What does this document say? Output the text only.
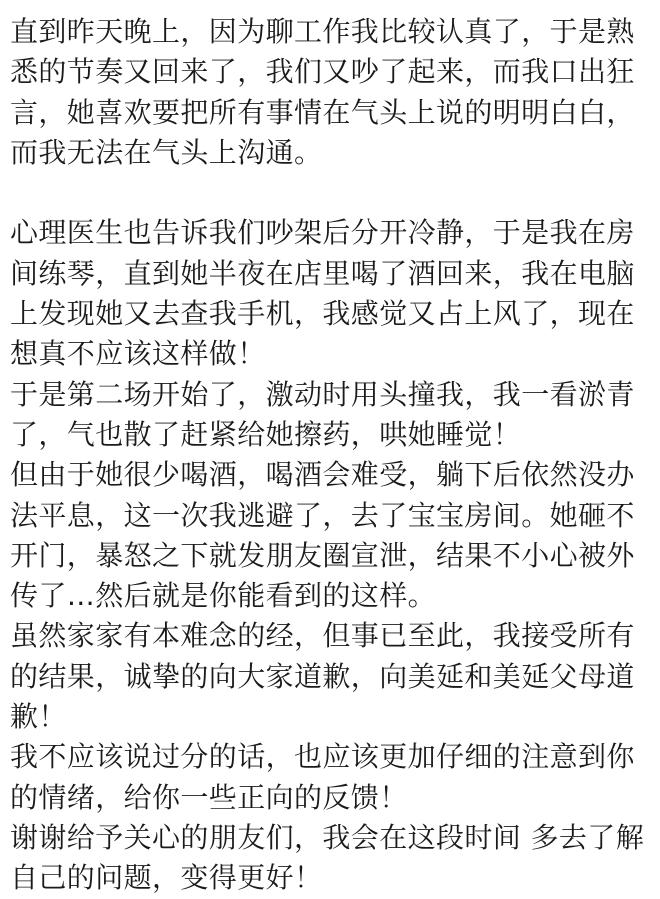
直到昨天晚上，因为聊工作我比较认真了，于是熟
悉的节奏又回来了，我们又吵了起来，而我口出狂
言，她喜欢要把所有事情在气头上说的明明白白，
而我无法在气头上沟通。
心理医生也告诉我们吵架后分开冷静，于是我在房
间练琴，直到她半夜在店里喝了酒回来，我在电脑
上发现她又去查我手机，我感觉又占上风了，现在
想真不应该这样做！
于是第二场开始了，激动时用头撞我，我一看淤青
了，气也散了赶紧给她擦药，哄她睡觉！
但由于她很少喝酒，喝酒会难受，躺下后依然没办
法平息，这一次我逃避了，去了宝宝房间。她砸不
开门，暴怒之下就发朋友圈宣泄，结果不小心被外
传了…然后就是你能看到的这样。
虽然家家有本难念的经，但事已至此，我接受所有
的结果，诚挚的向大家道歉，向美延和美延父母道
歉！
我不应该说过分的话，也应该更加仔细的注意到你
的情绪，给你一些正向的反馈！
谢谢给予关心的朋友们，我会在这段时间 多去了解
自己的问题，变得更好！
